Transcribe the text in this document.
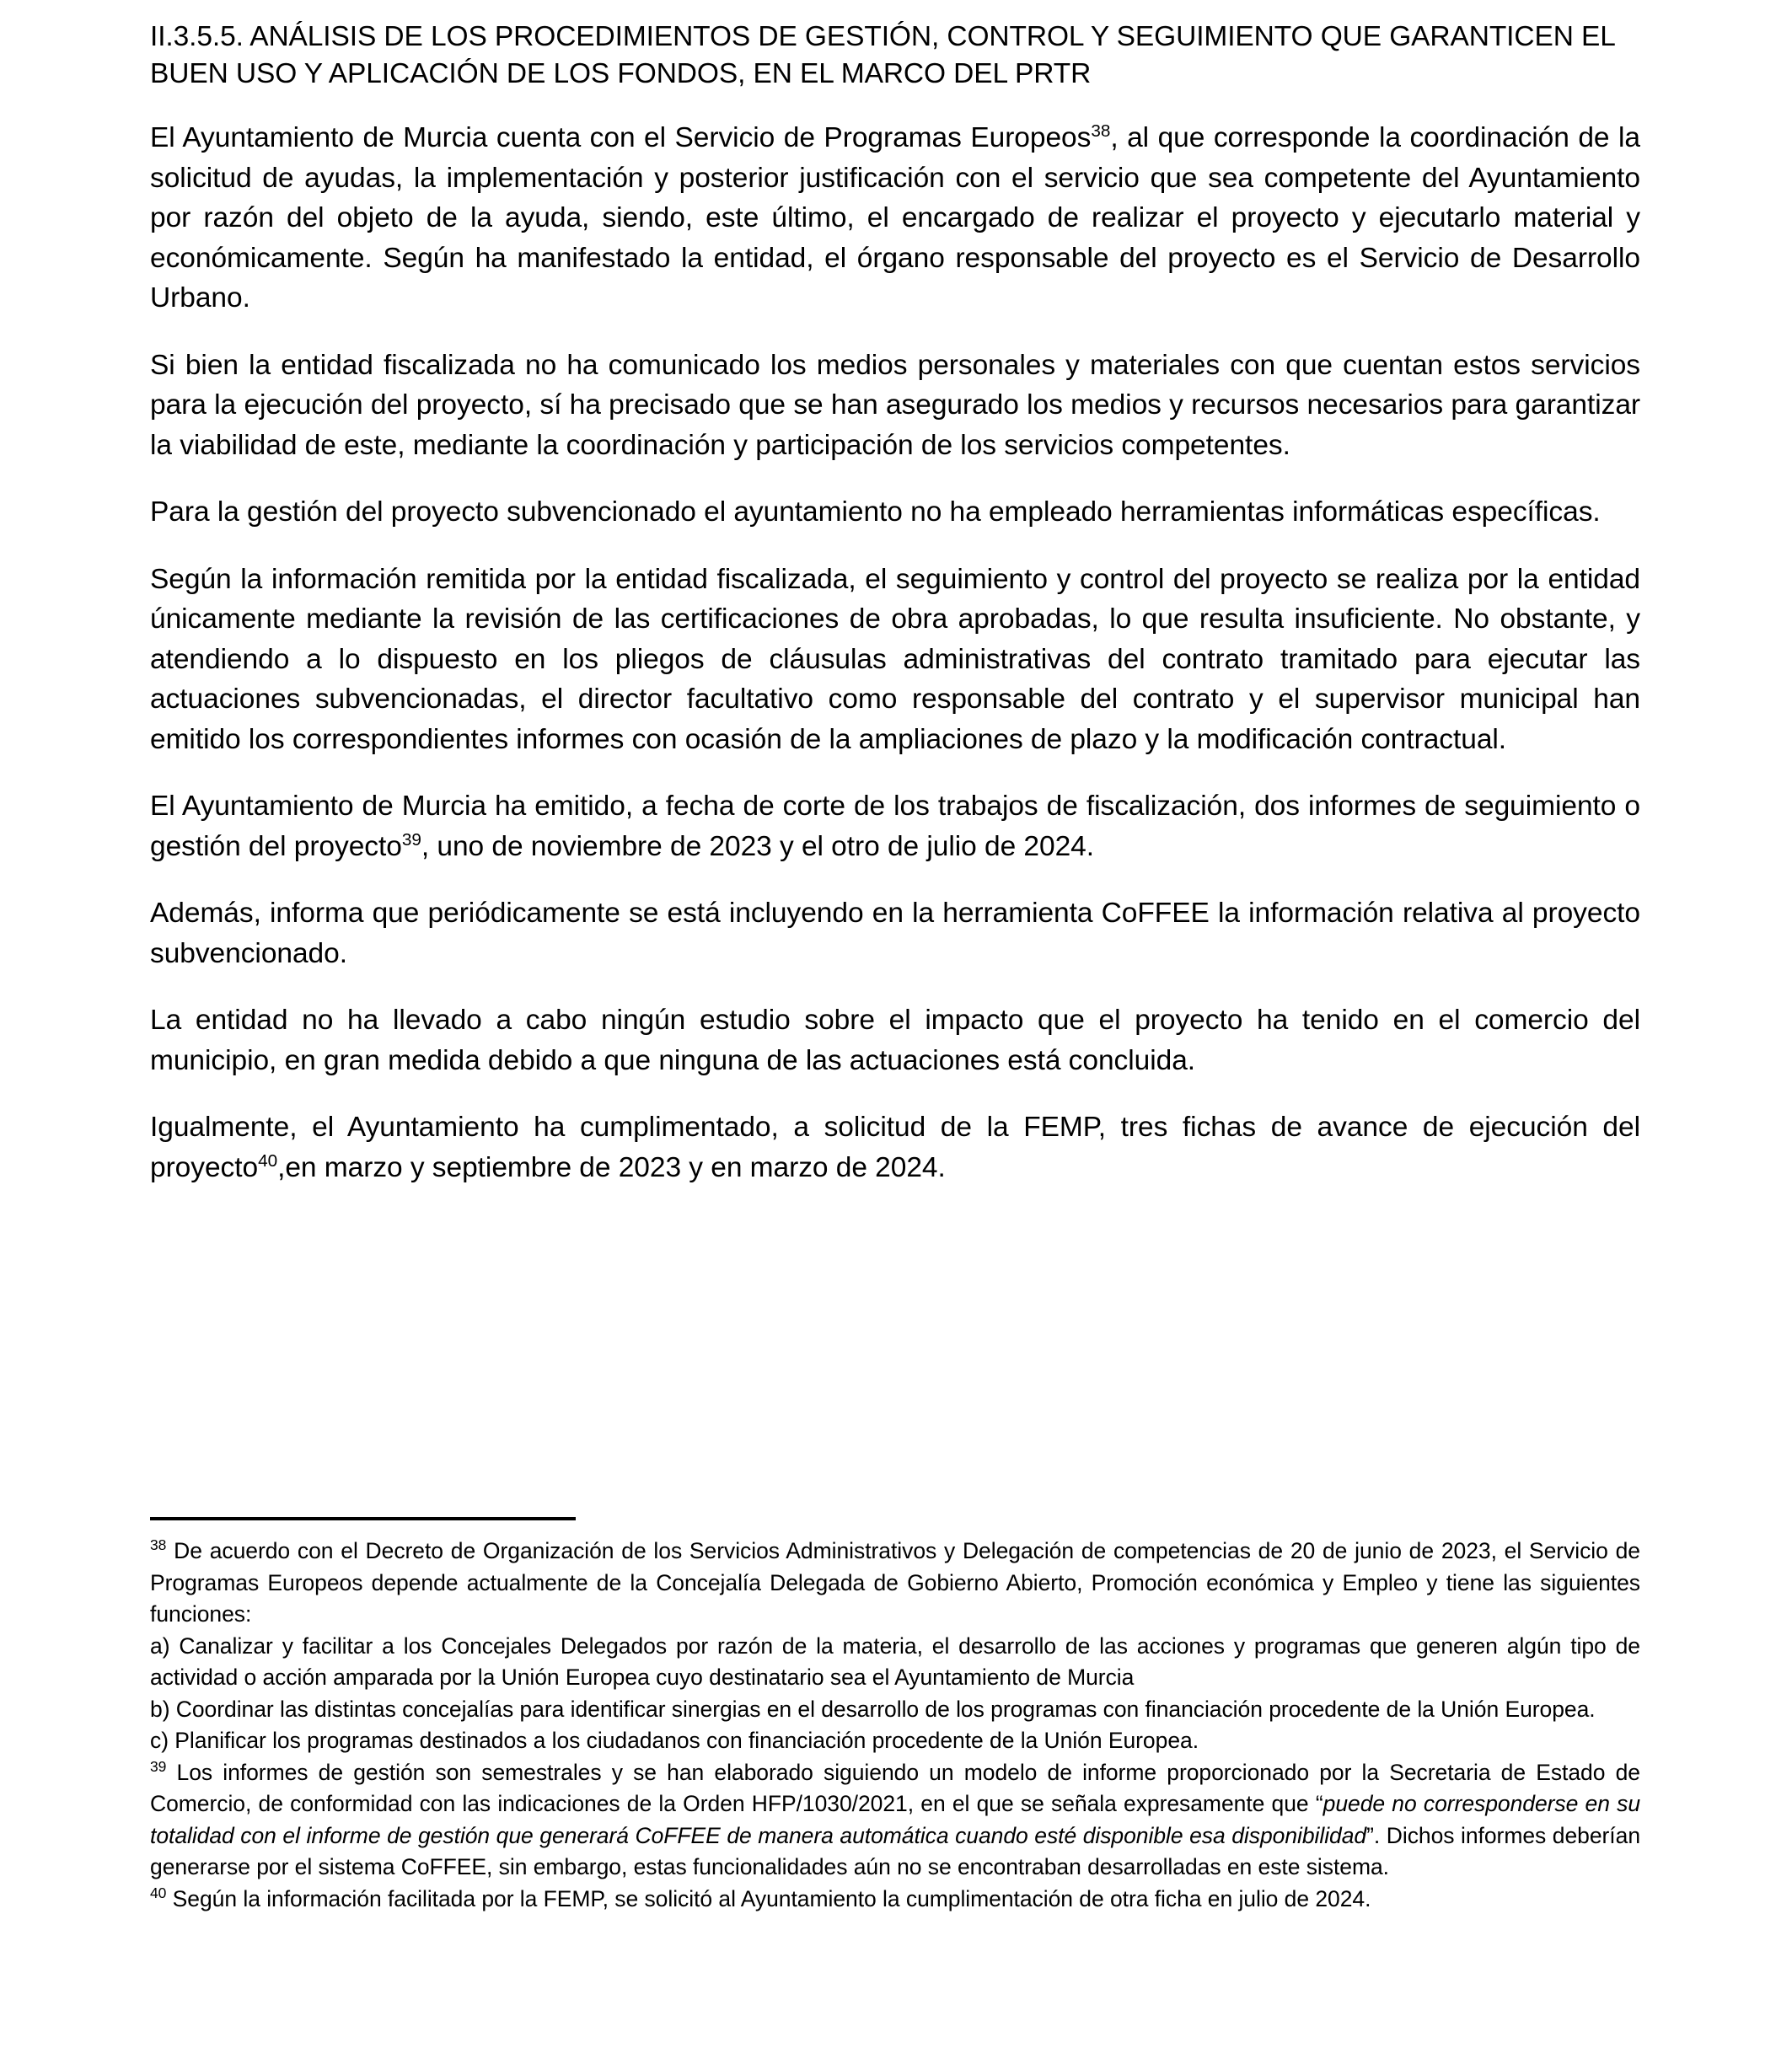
II.3.5.5. ANÁLISIS DE LOS PROCEDIMIENTOS DE GESTIÓN, CONTROL Y SEGUIMIENTO QUE GARANTICEN EL BUEN USO Y APLICACIÓN DE LOS FONDOS, EN EL MARCO DEL PRTR

El Ayuntamiento de Murcia cuenta con el Servicio de Programas Europeos$^{38}$, al que corresponde la coordinación de la solicitud de ayudas, la implementación y posterior justificación con el servicio que sea competente del Ayuntamiento por razón del objeto de la ayuda, siendo, este último, el encargado de realizar el proyecto y ejecutarlo material y económicamente. Según ha manifestado la entidad, el órgano responsable del proyecto es el Servicio de Desarrollo Urbano.

Si bien la entidad fiscalizada no ha comunicado los medios personales y materiales con que cuentan estos servicios para la ejecución del proyecto, sí ha precisado que se han asegurado los medios y recursos necesarios para garantizar la viabilidad de este, mediante la coordinación y participación de los servicios competentes.

Para la gestión del proyecto subvencionado el ayuntamiento no ha empleado herramientas informáticas específicas.

Según la información remitida por la entidad fiscalizada, el seguimiento y control del proyecto se realiza por la entidad únicamente mediante la revisión de las certificaciones de obra aprobadas, lo que resulta insuficiente. No obstante, y atendiendo a lo dispuesto en los pliegos de cláusulas administrativas del contrato tramitado para ejecutar las actuaciones subvencionadas, el director facultativo como responsable del contrato y el supervisor municipal han emitido los correspondientes informes con ocasión de la ampliaciones de plazo y la modificación contractual.

El Ayuntamiento de Murcia ha emitido, a fecha de corte de los trabajos de fiscalización, dos informes de seguimiento o gestión del proyecto$^{39}$, uno de noviembre de 2023 y el otro de julio de 2024.

Además, informa que periódicamente se está incluyendo en la herramienta CoFFEE la información relativa al proyecto subvencionado.

La entidad no ha llevado a cabo ningún estudio sobre el impacto que el proyecto ha tenido en el comercio del municipio, en gran medida debido a que ninguna de las actuaciones está concluida.

Igualmente, el Ayuntamiento ha cumplimentado, a solicitud de la FEMP, tres fichas de avance de ejecución del proyecto$^{40}$,en marzo y septiembre de 2023 y en marzo de 2024.

$^{38}$ De acuerdo con el Decreto de Organización de los Servicios Administrativos y Delegación de competencias de 20 de junio de 2023, el Servicio de Programas Europeos depende actualmente de la Concejalía Delegada de Gobierno Abierto, Promoción económica y Empleo y tiene las siguientes funciones:

a) Canalizar y facilitar a los Concejales Delegados por razón de la materia, el desarrollo de las acciones y programas que generen algún tipo de actividad o acción amparada por la Unión Europea cuyo destinatario sea el Ayuntamiento de Murcia

b) Coordinar las distintas concejalías para identificar sinergias en el desarrollo de los programas con financiación procedente de la Unión Europea.

c) Planificar los programas destinados a los ciudadanos con financiación procedente de la Unión Europea.

$^{39}$ Los informes de gestión son semestrales y se han elaborado siguiendo un modelo de informe proporcionado por la Secretaria de Estado de Comercio, de conformidad con las indicaciones de la Orden HFP/1030/2021, en el que se señala expresamente que “puede no corresponderse en su totalidad con el informe de gestión que generará CoFFEE de manera automática cuando esté disponible esa disponibilidad”. Dichos informes deberían generarse por el sistema CoFFEE, sin embargo, estas funcionalidades aún no se encontraban desarrolladas en este sistema.

$^{40}$ Según la información facilitada por la FEMP, se solicitó al Ayuntamiento la cumplimentación de otra ficha en julio de 2024.
